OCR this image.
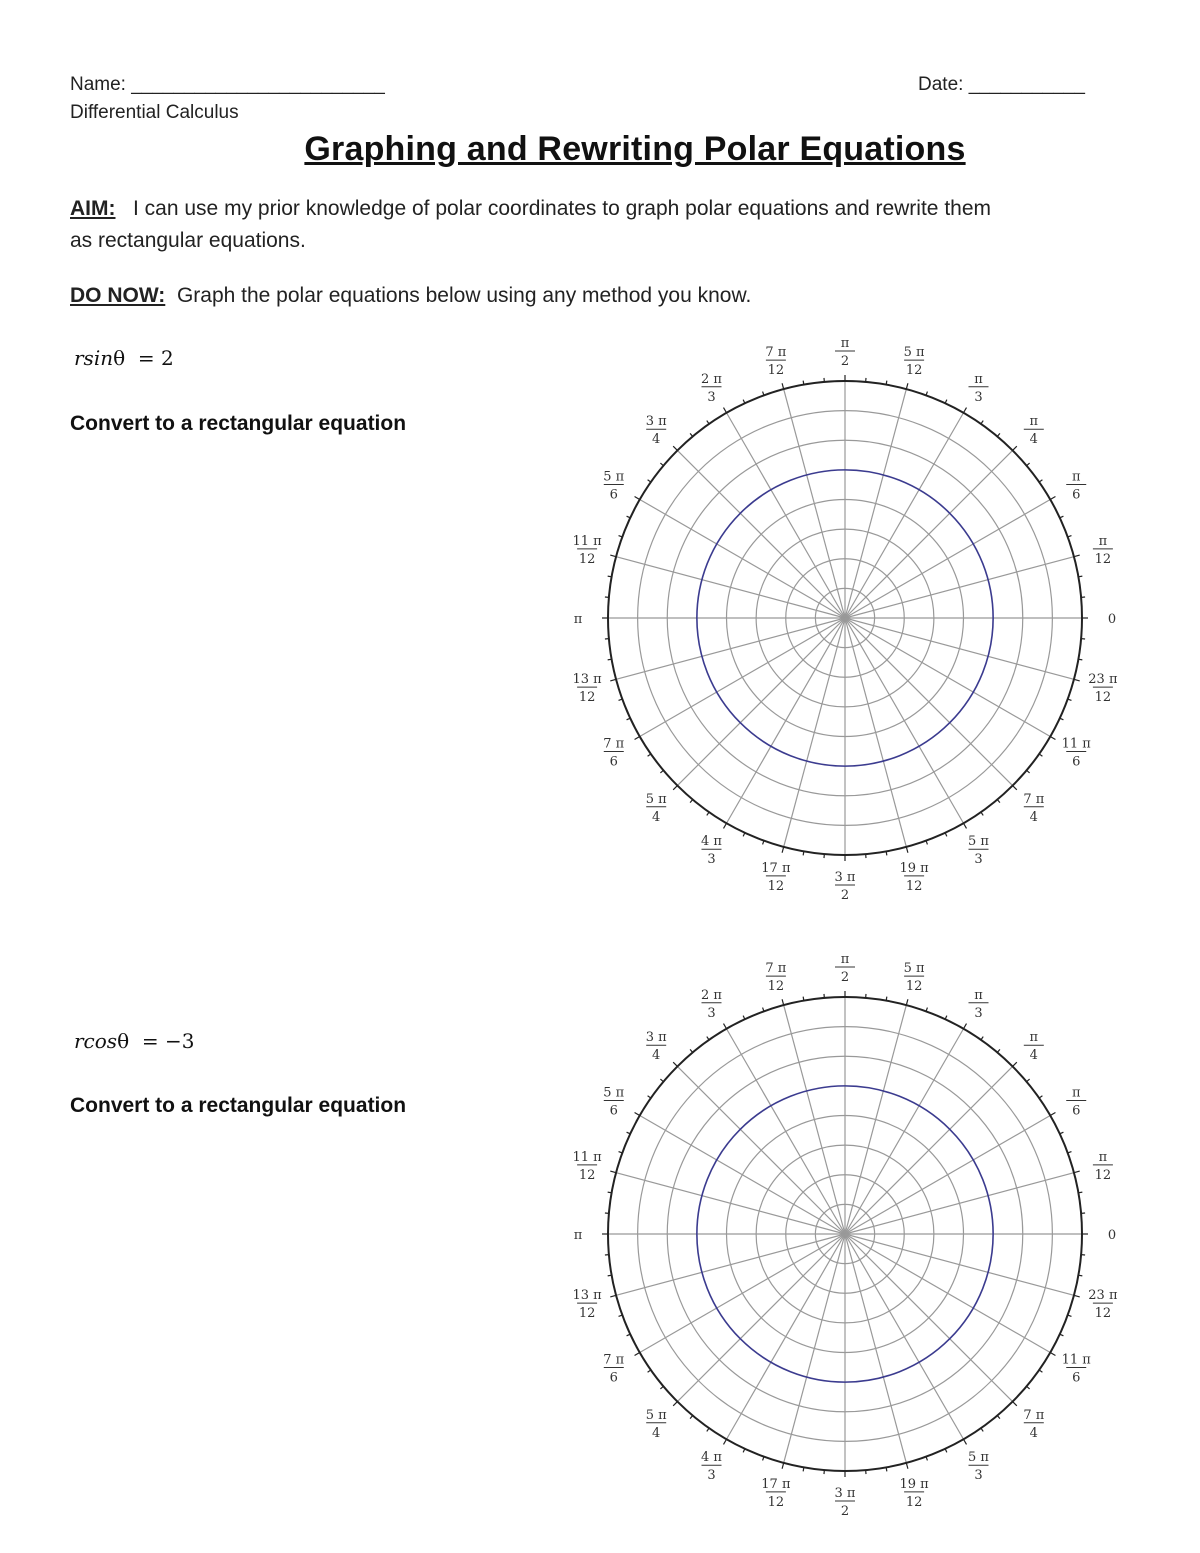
Name: ________________________
Differential Calculus
Date: ___________
Graphing and Rewriting Polar Equations
AIM: I can use my prior knowledge of polar coordinates to graph polar equations and rewrite them
as rectangular equations.
DO NOW: Graph the polar equations below using any method you know.
rsinθ = 2
Convert to a rectangular equation
rcosθ = −3
Convert to a rectangular equation
0
π
12
π
6
π
4
π
3
5 π
12
π
2
7 π
12
2 π
3
3 π
4
5 π
6
11 π
12
π
13 π
12
7 π
6
5 π
4
4 π
3
17 π
12
3 π
2
19 π
12
5 π
3
7 π
4
11 π
6
23 π
12
0
π
12
π
6
π
4
π
3
5 π
12
π
2
7 π
12
2 π
3
3 π
4
5 π
6
11 π
12
π
13 π
12
7 π
6
5 π
4
4 π
3
17 π
12
3 π
2
19 π
12
5 π
3
7 π
4
11 π
6
23 π
12
